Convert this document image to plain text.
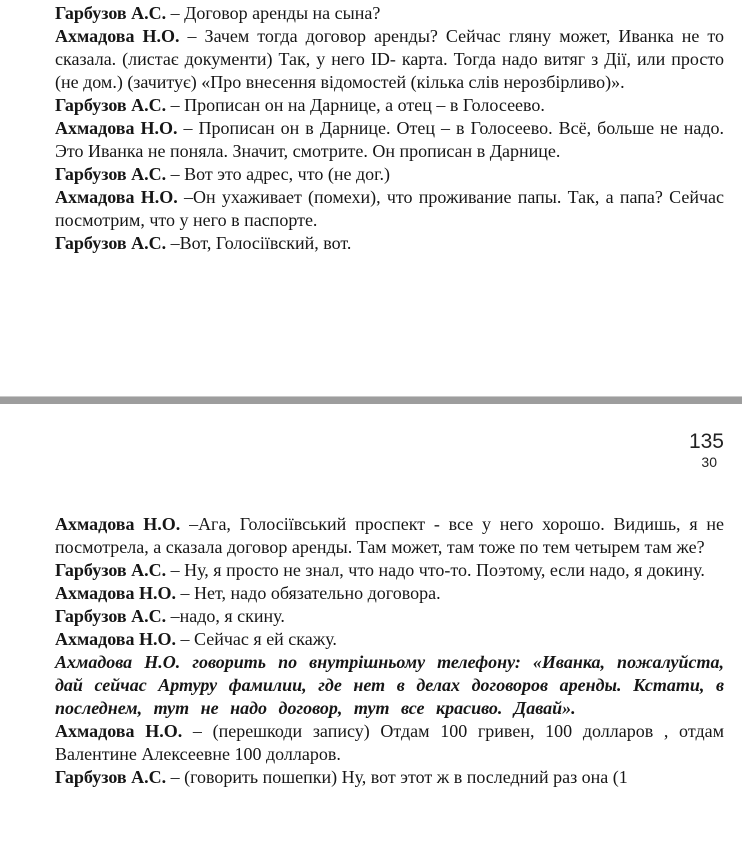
Гарбузов А.С. – Договор аренды на сына?

Ахмадова Н.О. – Зачем тогда договор аренды? Сейчас гляну может, Иванка не то сказала. (листає документи) Так, у него ID- карта. Тогда надо витяг з Дії, или просто (не дом.) (зачитує) «Про внесення відомостей (кілька слів нерозбірливо)».

Гарбузов А.С. – Прописан он на Дарнице, а отец – в Голосеево.

Ахмадова Н.О. – Прописан он в Дарнице. Отец – в Голосеево. Всё, больше не надо. Это Иванка не поняла. Значит, смотрите. Он прописан в Дарнице.

Гарбузов А.С. – Вот это адрес, что (не дог.)

Ахмадова Н.О. –Он ухаживает (помехи), что проживание папы. Так, а папа? Сейчас посмотрим, что у него в паспорте.

Гарбузов А.С. –Вот, Голосіївский, вот.

135
30

Ахмадова Н.О. –Ага, Голосіївський проспект - все у него хорошо. Видишь, я не посмотрела, а сказала договор аренды. Там может, там тоже по тем четырем там же?

Гарбузов А.С. – Ну, я просто не знал, что надо что-то. Поэтому, если надо, я докину.

Ахмадова Н.О. – Нет, надо обязательно договора.

Гарбузов А.С. –надо, я скину.

Ахмадова Н.О. – Сейчас я ей скажу.

Ахмадова Н.О. говорить по внутрішньому телефону: «Иванка, пожалуйста, дай сейчас Артуру фамилии, где нет в делах договоров аренды. Кстати, в последнем, тут не надо договор, тут все красиво. Давай».

Ахмадова Н.О. – (перешкоди запису) Отдам 100 гривен, 100 долларов , отдам Валентине Алексеевне 100 долларов.

Гарбузов А.С. – (говорить пошепки) Ну, вот этот ж в последний раз она (1
